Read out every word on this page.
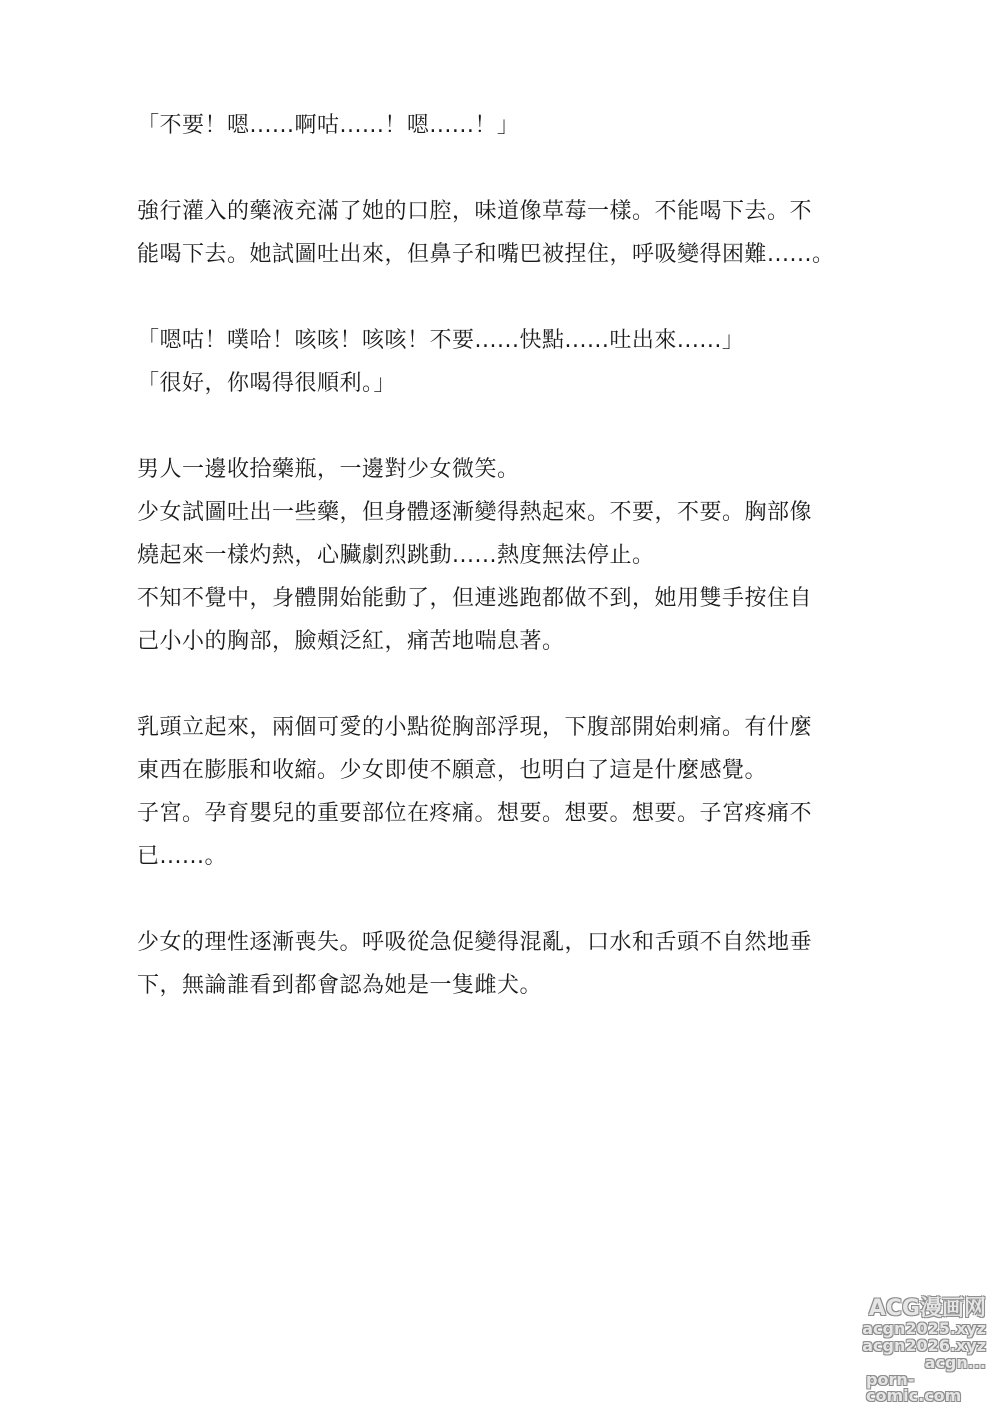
「不要！嗯......啊咕......！嗯......！」

強行灌入的藥液充滿了她的口腔，味道像草莓一樣。不能喝下去。不
能喝下去。她試圖吐出來，但鼻子和嘴巴被捏住，呼吸變得困難......。

「嗯咕！噗哈！咳咳！咳咳！不要......快點......吐出來......」
「很好，你喝得很順利。」

男人一邊收拾藥瓶，一邊對少女微笑。
少女試圖吐出一些藥，但身體逐漸變得熱起來。不要，不要。胸部像
燒起來一樣灼熱，心臟劇烈跳動......熱度無法停止。
不知不覺中，身體開始能動了，但連逃跑都做不到，她用雙手按住自
己小小的胸部，臉頰泛紅，痛苦地喘息著。

乳頭立起來，兩個可愛的小點從胸部浮現，下腹部開始刺痛。有什麼
東西在膨脹和收縮。少女即使不願意，也明白了這是什麼感覺。
子宮。孕育嬰兒的重要部位在疼痛。想要。想要。想要。子宮疼痛不
已......。

少女的理性逐漸喪失。呼吸從急促變得混亂，口水和舌頭不自然地垂
下，無論誰看到都會認為她是一隻雌犬。

ACG漫画网
acgn2025.xyz
acgn2026.xyz
acgn...
porn-comic.com
